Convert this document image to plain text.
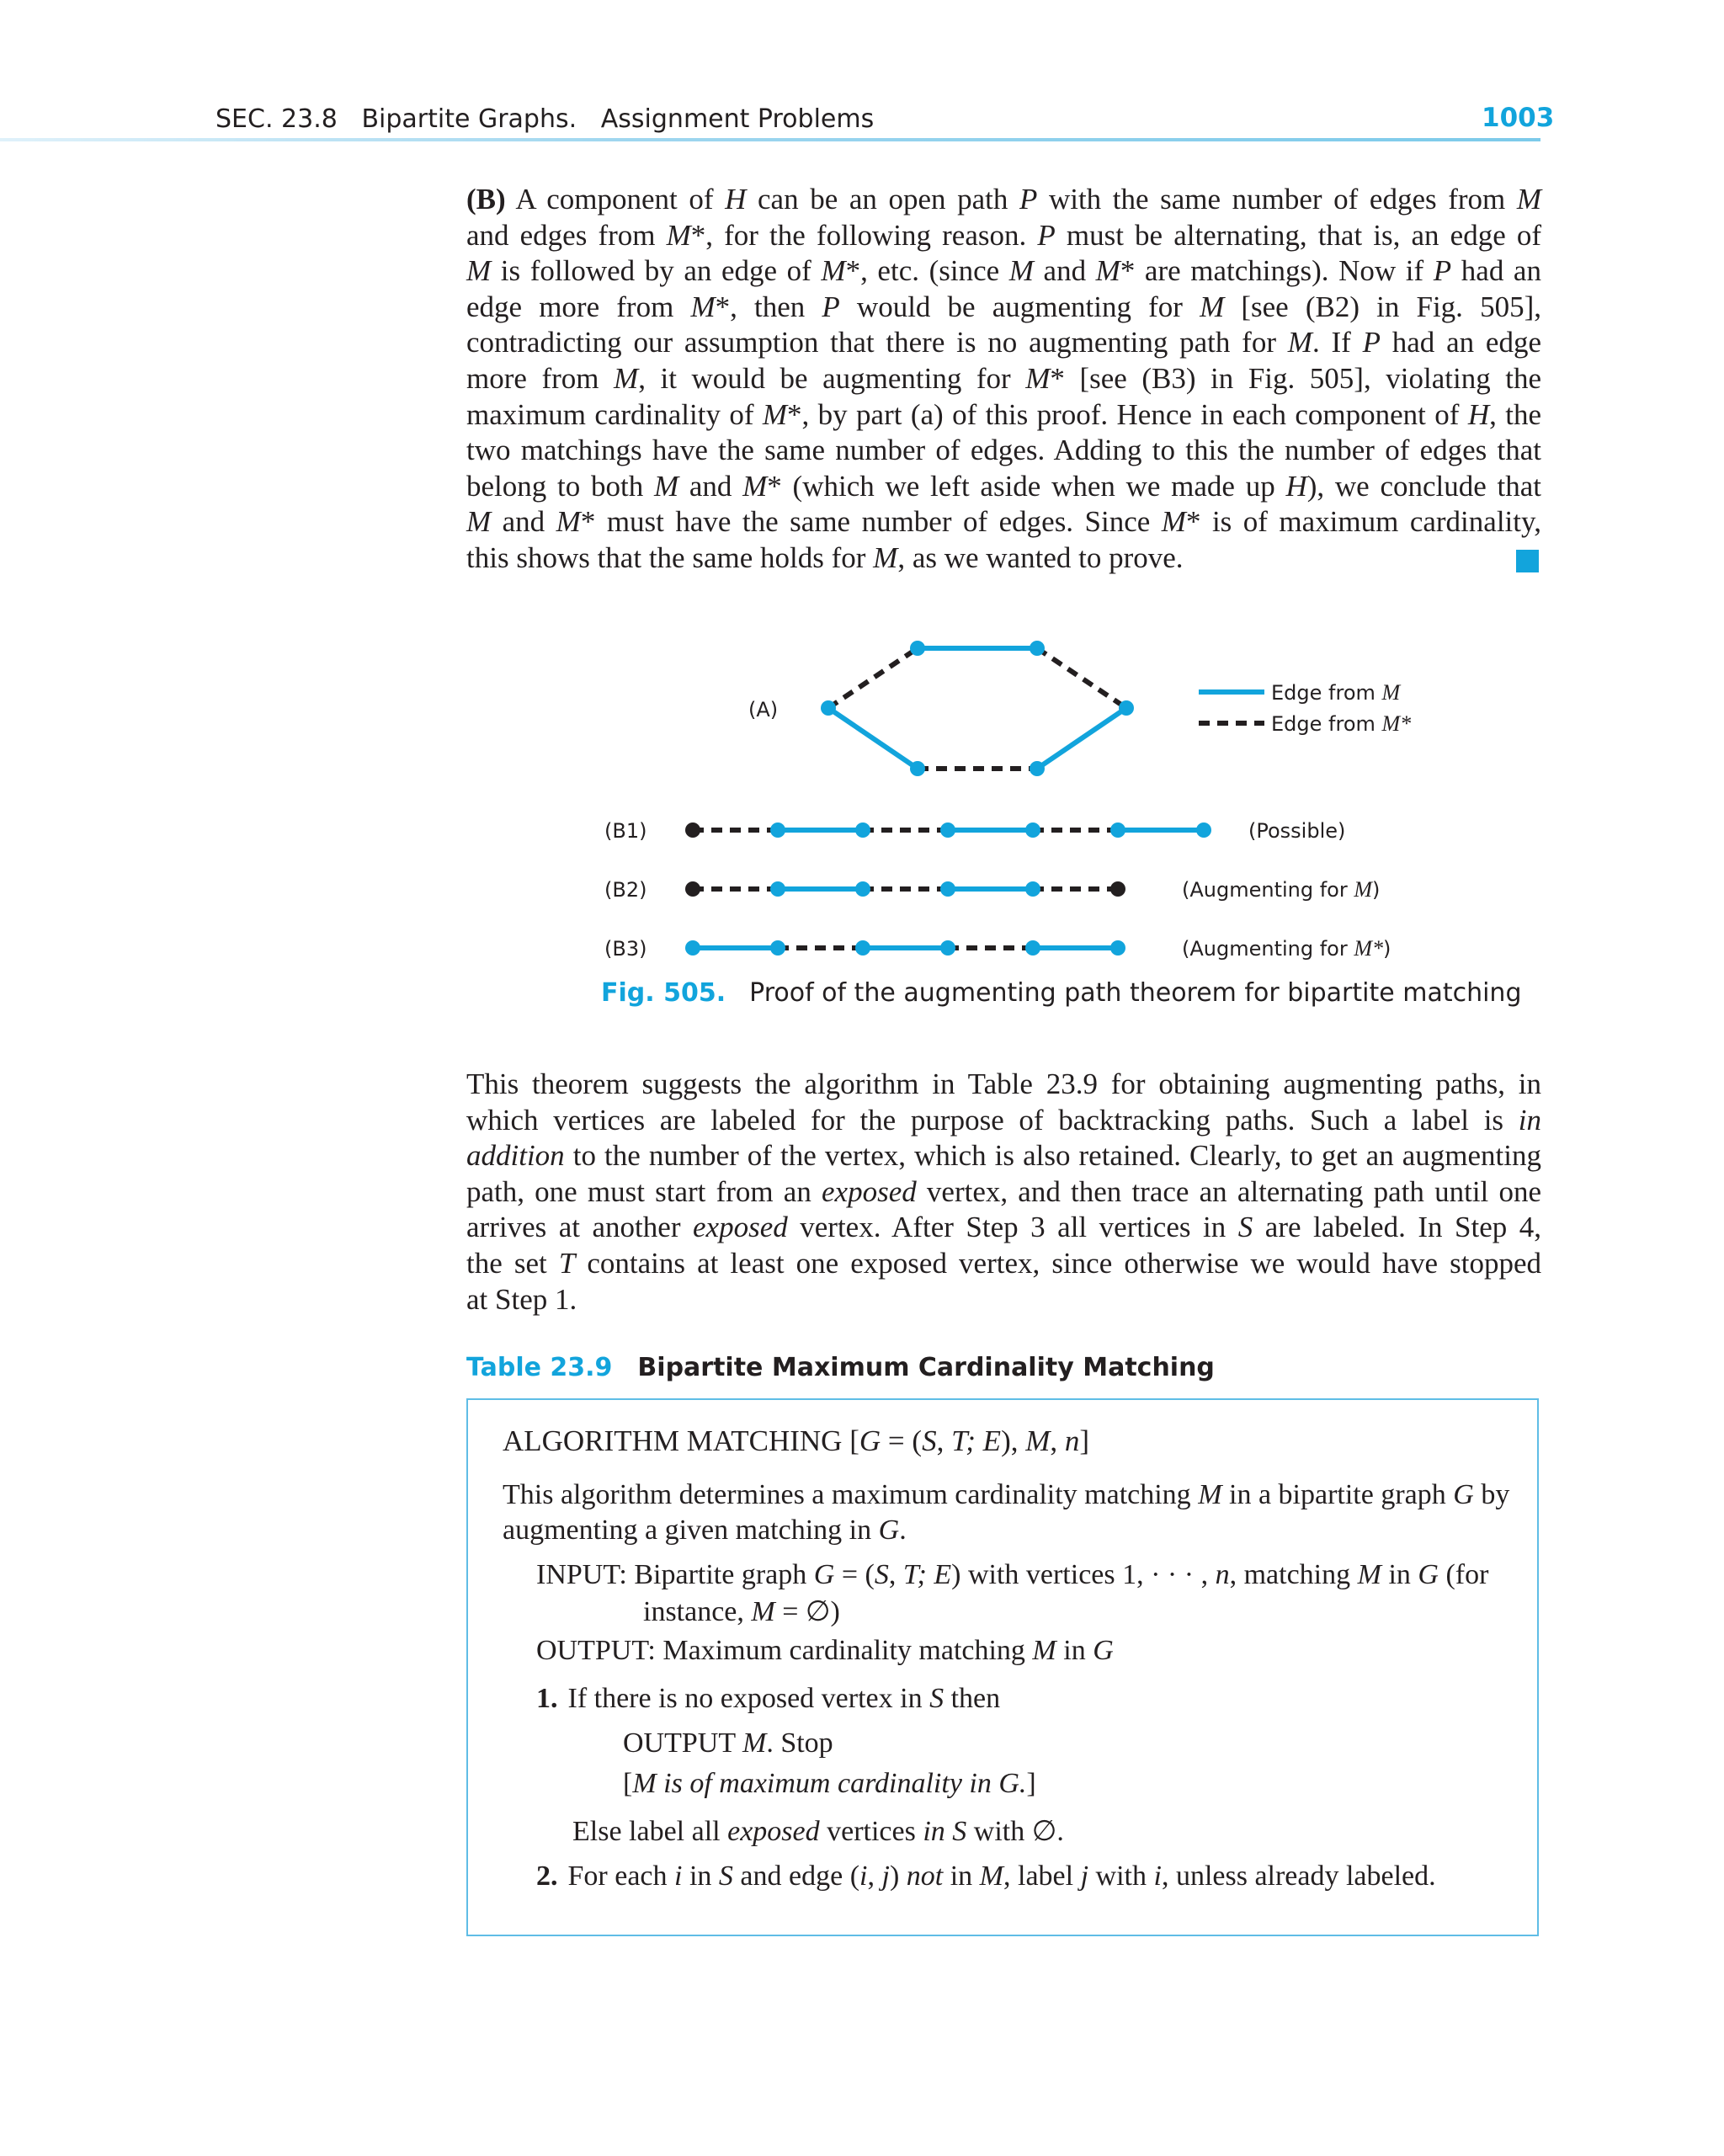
SEC. 23.8 Bipartite Graphs.   Assignment Problems	1003
(B) A component of H can be an open path P with the same number of edges from M
and edges from M*, for the following reason. P must be alternating, that is, an edge of
M is followed by an edge of M*, etc. (since M and M* are matchings). Now if P had an
edge more from M*, then P would be augmenting for M [see (B2) in Fig. 505],
contradicting our assumption that there is no augmenting path for M. If P had an edge
more from M, it would be augmenting for M* [see (B3) in Fig. 505], violating the
maximum cardinality of M*, by part (a) of this proof. Hence in each component of H, the
two matchings have the same number of edges. Adding to this the number of edges that
belong to both M and M* (which we left aside when we made up H), we conclude that
M and M* must have the same number of edges. Since M* is of maximum cardinality,
this shows that the same holds for M, as we wanted to prove.
(A)
(B1)
(B2)
(B3)
(Possible)
(Augmenting for M)
(Augmenting for M*)
Edge from M
Edge from M*
Fig. 505. Proof of the augmenting path theorem for bipartite matching
This theorem suggests the algorithm in Table 23.9 for obtaining augmenting paths, in
which vertices are labeled for the purpose of backtracking paths. Such a label is in
addition to the number of the vertex, which is also retained. Clearly, to get an augmenting
path, one must start from an exposed vertex, and then trace an alternating path until one
arrives at another exposed vertex. After Step 3 all vertices in S are labeled. In Step 4,
the set T contains at least one exposed vertex, since otherwise we would have stopped
at Step 1.
Table 23.9 Bipartite Maximum Cardinality Matching
ALGORITHM MATCHING [G = (S, T; E), M, n]
This algorithm determines a maximum cardinality matching M in a bipartite graph G by
augmenting a given matching in G.
INPUT: Bipartite graph G = (S, T; E) with vertices 1, · · · , n, matching M in G (for
instance, M = ∅)
OUTPUT: Maximum cardinality matching M in G
1. If there is no exposed vertex in S then
OUTPUT M. Stop
[M is of maximum cardinality in G.]
Else label all exposed vertices in S with ∅.
2. For each i in S and edge (i, j) not in M, label j with i, unless already labeled.
